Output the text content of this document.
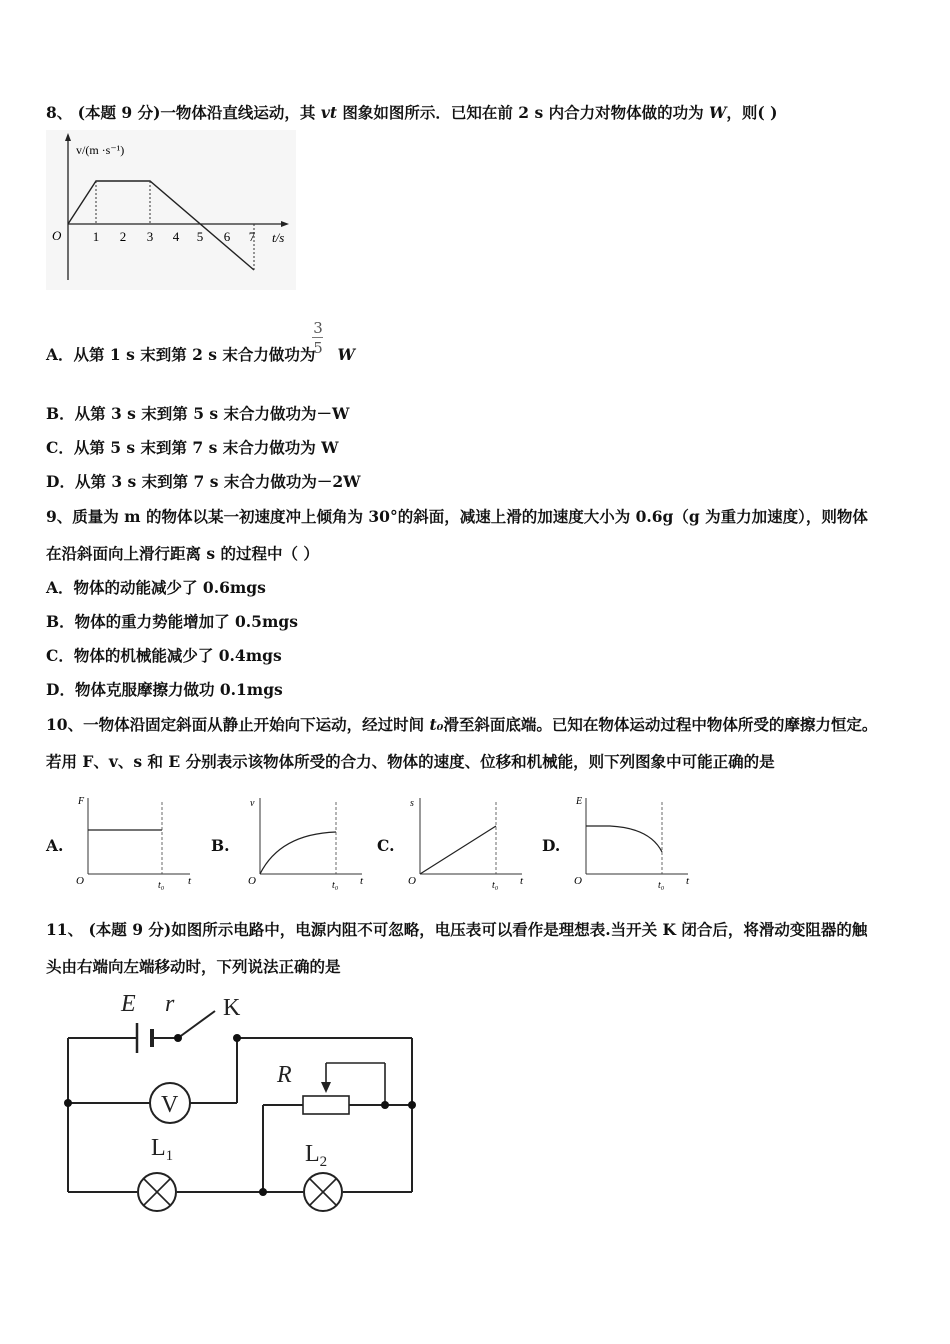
8、 (本题 9 分)一物体沿直线运动，其 vt 图象如图所示．已知在前 2 s 内合力对物体做的功为 W，则( )
v/(m ·s⁻¹)
O 1 2 3 4 5 6 7 t/s
A．从第 1 s 末到第 2 s 末合力做功为 W
3
5
B．从第 3 s 末到第 5 s 末合力做功为－W
C．从第 5 s 末到第 7 s 末合力做功为 W
D．从第 3 s 末到第 7 s 末合力做功为－2W
9、质量为 m 的物体以某一初速度冲上倾角为 30°的斜面，减速上滑的加速度大小为 0.6g（g 为重力加速度），则物体
在沿斜面向上滑行距离 s 的过程中（ ）
A．物体的动能减少了 0.6mgs
B．物体的重力势能增加了 0.5mgs
C．物体的机械能减少了 0.4mgs
D．物体克服摩擦力做功 0.1mgs
10、一物体沿固定斜面从静止开始向下运动，经过时间 t₀滑至斜面底端。已知在物体运动过程中物体所受的摩擦力恒定。
若用 F、v、s 和 E 分别表示该物体所受的合力、物体的速度、位移和机械能，则下列图象中可能正确的是
A.
F
O	t₀ t
B.
v
O	t₀ t
C.
s
O	t₀ t
D.
E
O	t₀ t
11、 (本题 9 分)如图所示电路中，电源内阻不可忽略，电压表可以看作是理想表.当开关 K 闭合后，将滑动变阻器的触
头由右端向左端移动时，下列说法正确的是
E r K
V
R
$L_1$	$L_2$
